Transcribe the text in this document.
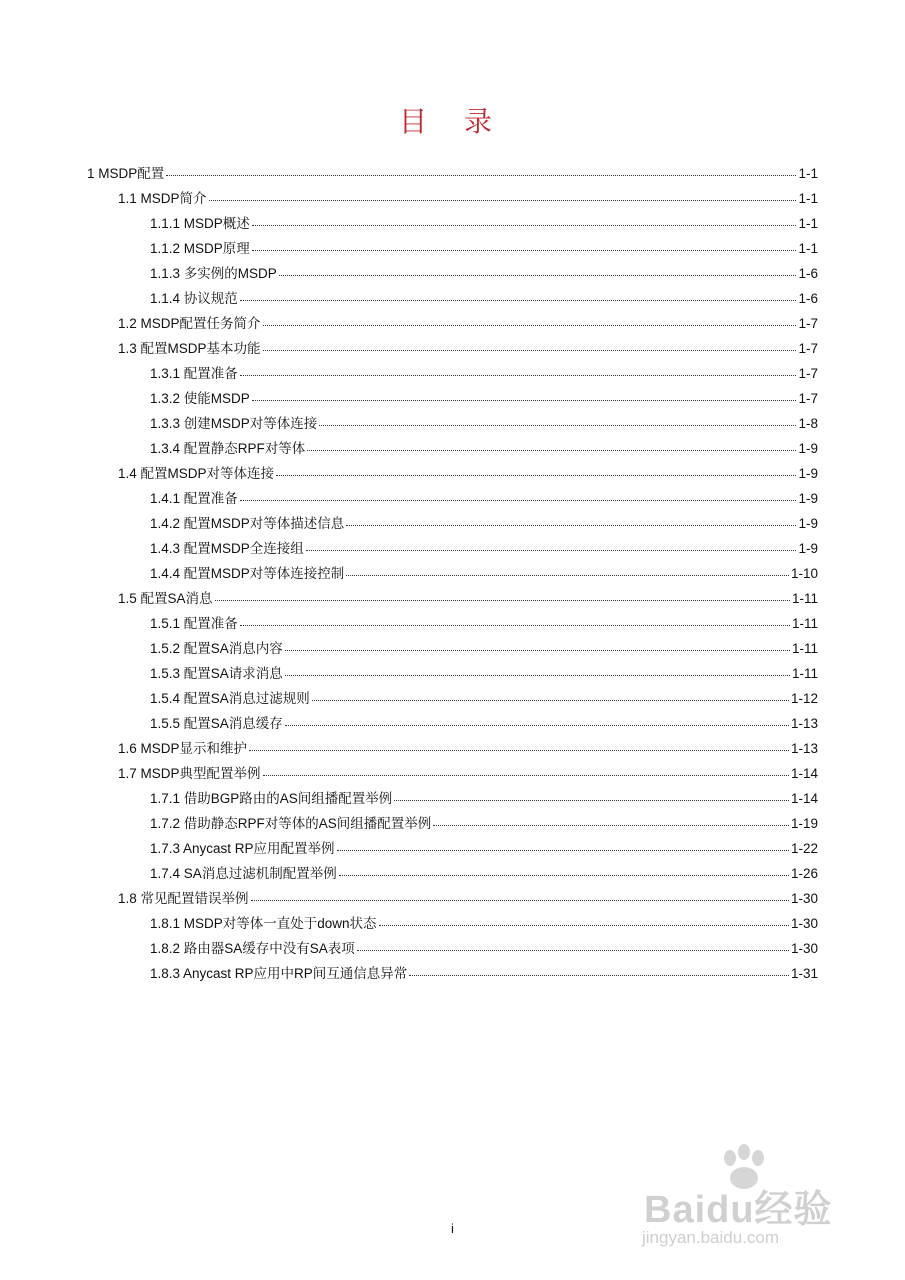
目 录
1 MSDP配置	1-1
1.1 MSDP简介	1-1
1.1.1 MSDP概述	1-1
1.1.2 MSDP原理	1-1
1.1.3 多实例的MSDP	1-6
1.1.4 协议规范	1-6
1.2 MSDP配置任务简介	1-7
1.3 配置MSDP基本功能	1-7
1.3.1 配置准备	1-7
1.3.2 使能MSDP	1-7
1.3.3 创建MSDP对等体连接	1-8
1.3.4 配置静态RPF对等体	1-9
1.4 配置MSDP对等体连接	1-9
1.4.1 配置准备	1-9
1.4.2 配置MSDP对等体描述信息	1-9
1.4.3 配置MSDP全连接组	1-9
1.4.4 配置MSDP对等体连接控制	1-10
1.5 配置SA消息	1-11
1.5.1 配置准备	1-11
1.5.2 配置SA消息内容	1-11
1.5.3 配置SA请求消息	1-11
1.5.4 配置SA消息过滤规则	1-12
1.5.5 配置SA消息缓存	1-13
1.6 MSDP显示和维护	1-13
1.7 MSDP典型配置举例	1-14
1.7.1 借助BGP路由的AS间组播配置举例	1-14
1.7.2 借助静态RPF对等体的AS间组播配置举例	1-19
1.7.3 Anycast RP应用配置举例	1-22
1.7.4 SA消息过滤机制配置举例	1-26
1.8 常见配置错误举例	1-30
1.8.1 MSDP对等体一直处于down状态	1-30
1.8.2 路由器SA缓存中没有SA表项	1-30
1.8.3 Anycast RP应用中RP间互通信息异常	1-31
i	Baidu经验
jingyan.baidu.com
